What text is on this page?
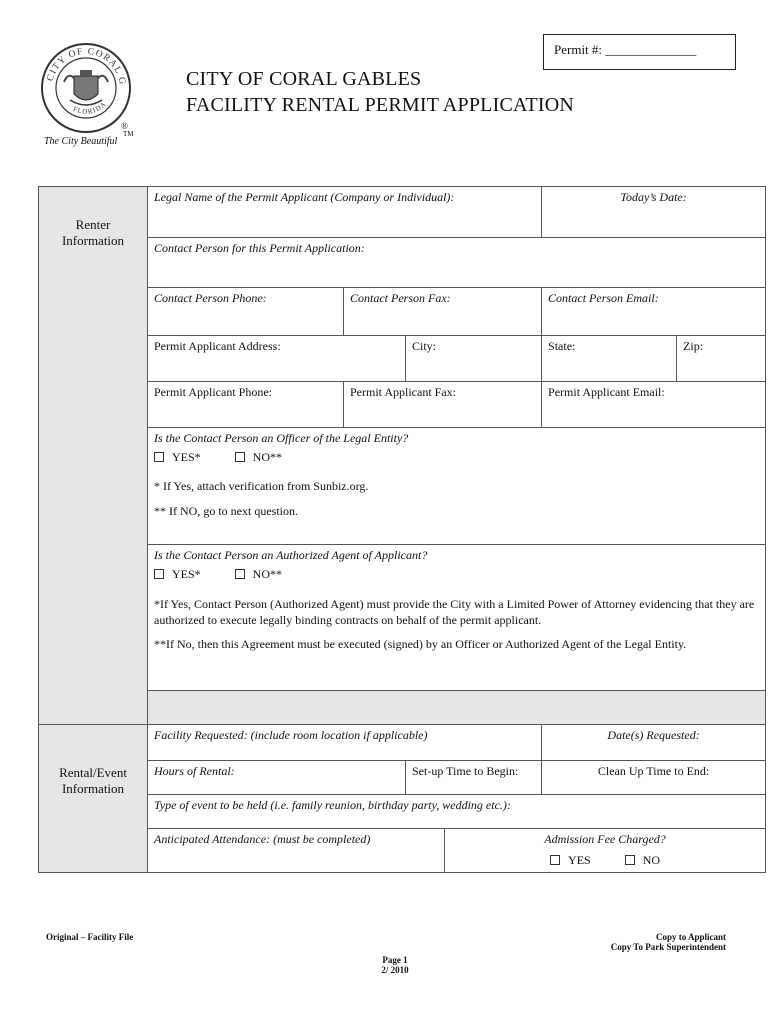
Permit #: ______________
CITY OF CORAL G
FLORIDA
®
TM
The City Beautiful
CITY OF CORAL GABLES
FACILITY RENTAL PERMIT APPLICATION
Renter Information	Legal Name of the Permit Applicant (Company or Individual):				Today’s Date:	
	Contact Person for this Permit Application:					
	Contact Person Phone:	Contact Person Fax:			Contact Person Email:	
	Permit Applicant Address:		City:		State:	Zip:
	Permit Applicant Phone:	Permit Applicant Fax:			Permit Applicant Email:	

	Is the Contact Person an Officer of the Legal Entity?
YES* NO**
* If Yes, attach verification from Sunbiz.org.
** If NO, go to next question.					

	Is the Contact Person an Authorized Agent of Applicant?
YES* NO**
*If Yes, Contact Person (Authorized Agent) must provide the City with a Limited Power of Attorney evidencing that they are authorized to execute legally binding contracts on behalf of the permit applicant.
**If No, then this Agreement must be executed (signed) by an Officer or Authorized Agent of the Legal Entity.					

Rental/Event Information	Facility Requested: (include room location if applicable)				Date(s) Requested:	
	Hours of Rental:		Set-up Time to Begin:		Clean Up Time to End:	
	Type of event to be held (i.e. family reunion, birthday party, wedding etc.):					
	Anticipated Attendance: (must be completed)			Admission Fee Charged?
YES NO		
Original – Facility File	Copy to Applicant
Copy To Park Superintendent
Page 1
2/ 2010
